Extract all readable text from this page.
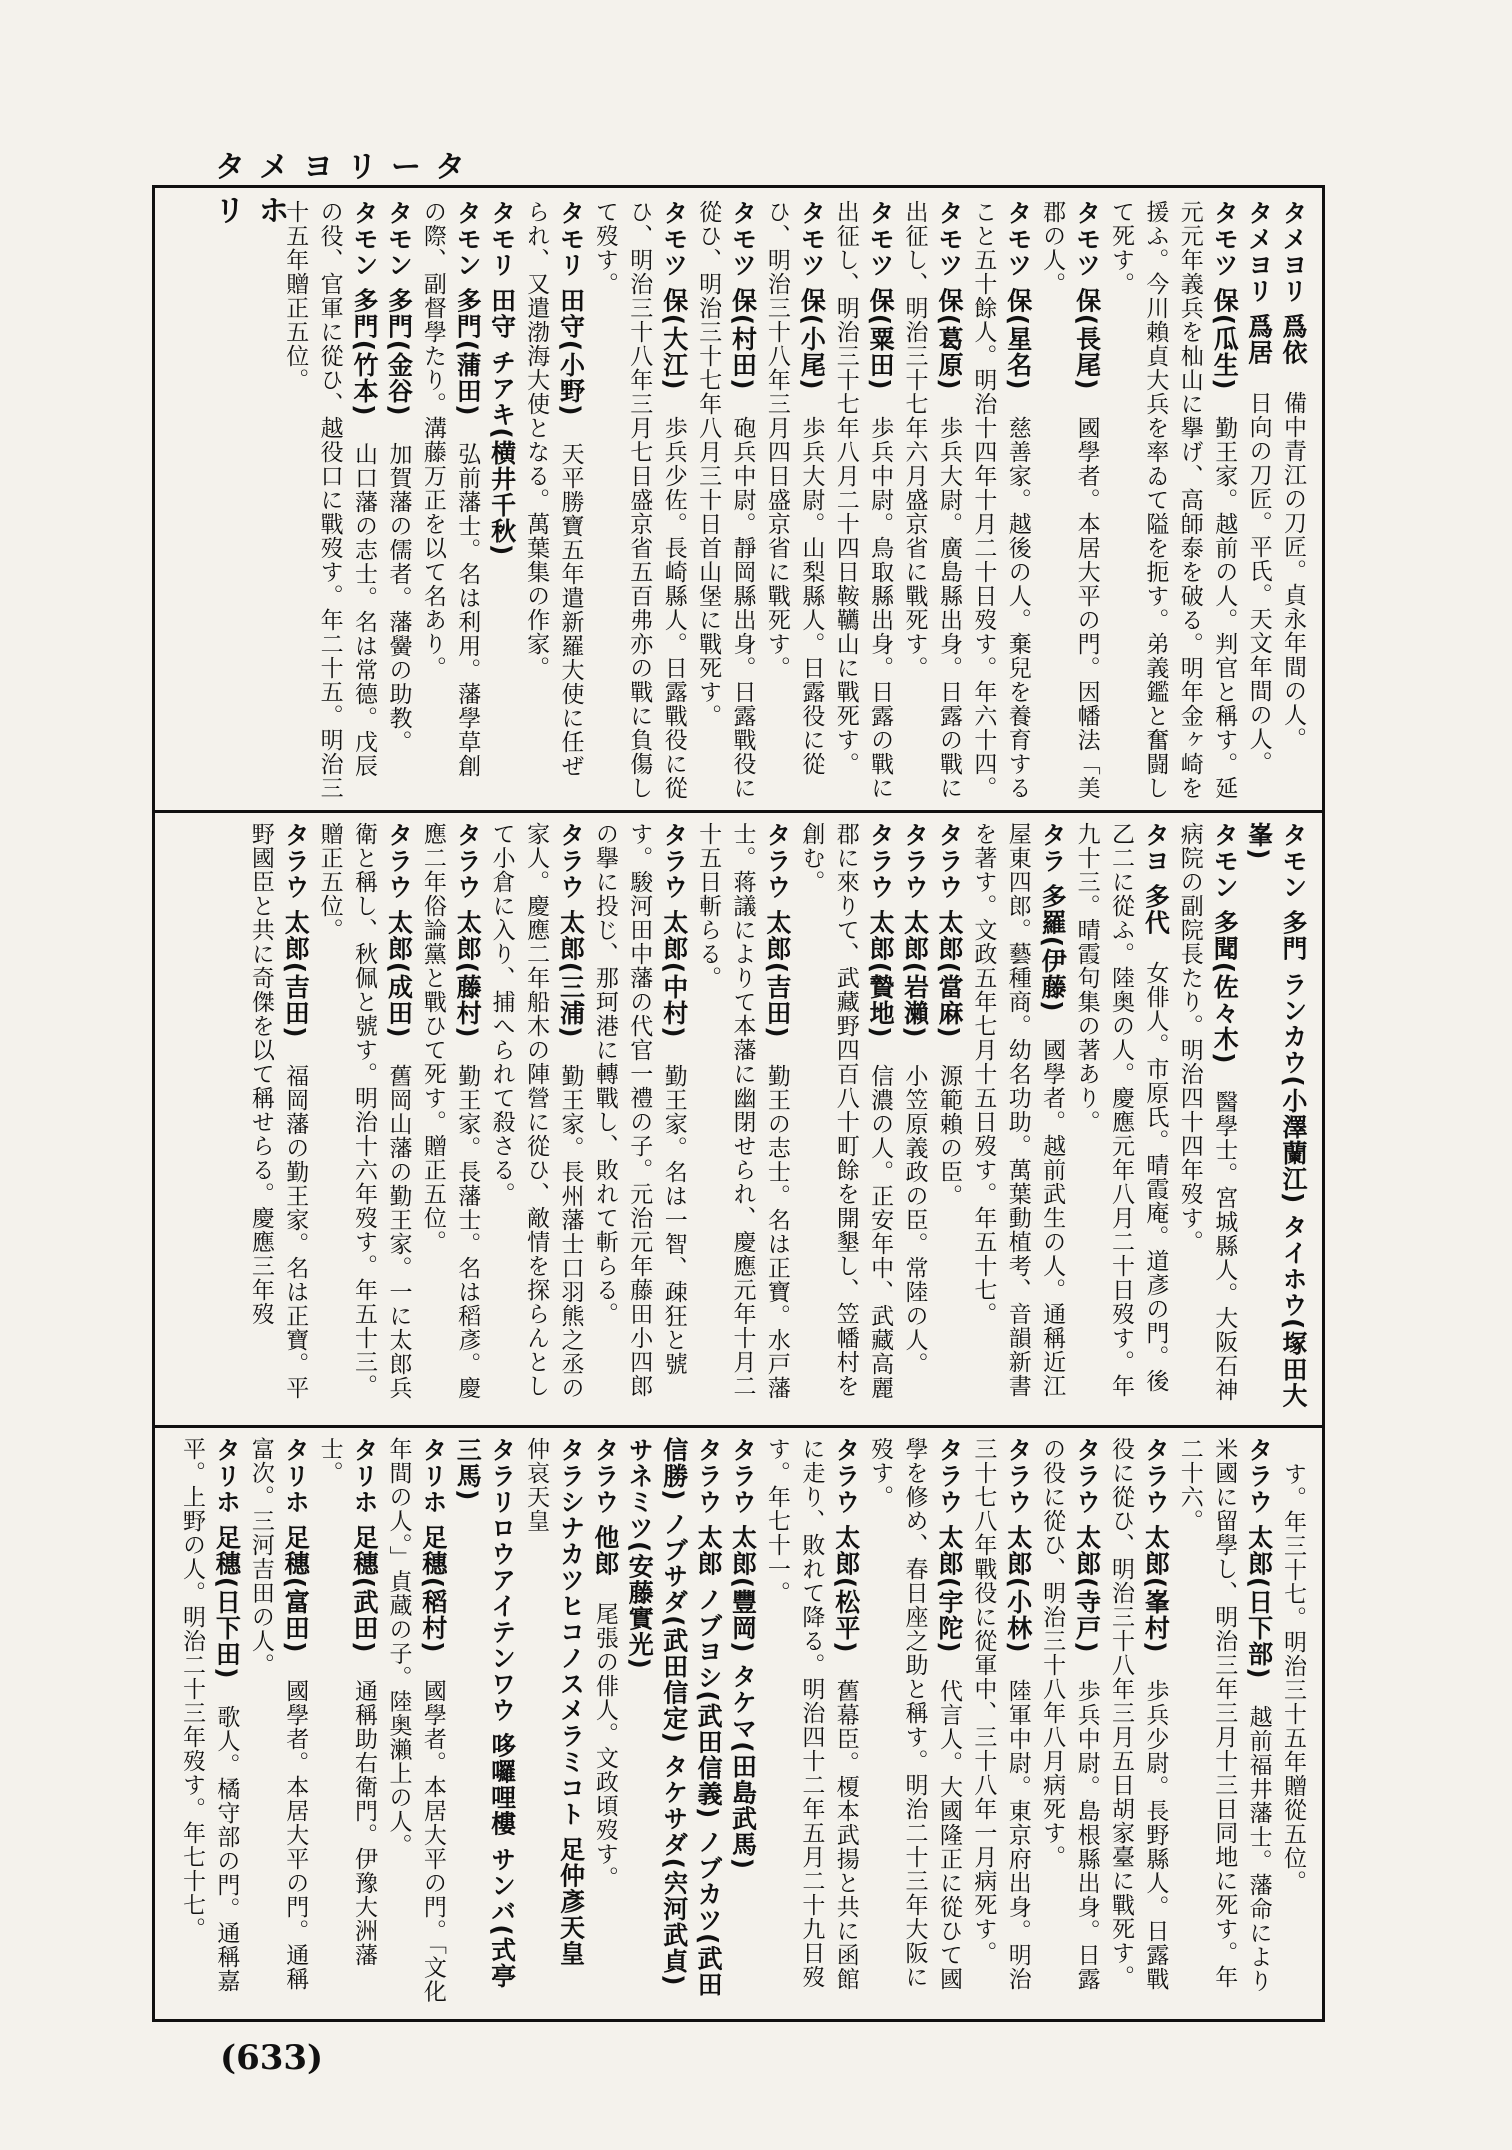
タメヨリータリホ	タメヨリ 爲依　備中青江の刀匠。貞永年間の人。

タメヨリ 爲居　日向の刀匠。平氏。天文年間の人。

タモツ 保(瓜生)　勤王家。越前の人。判官と稱す。延元元年義兵を杣山に擧げ、高師泰を破る。明年金ヶ崎を援ふ。今川賴貞大兵を率ゐて隘を扼す。弟義鑑と奮闘して死す。

タモツ 保(長尾)　國學者。本居大平の門。因幡法「美郡の人。

タモツ 保(星名)　慈善家。越後の人。棄兒を養育すること五十餘人。明治十四年十月二十日歿す。年六十四。

タモツ 保(葛原)　歩兵大尉。廣島縣出身。日露の戰に出征し、明治三十七年六月盛京省に戰死す。

タモツ 保(粟田)　歩兵中尉。鳥取縣出身。日露の戰に出征し、明治三十七年八月二十四日鞍韉山に戰死す。

タモツ 保(小尾)　歩兵大尉。山梨縣人。日露役に從ひ、明治三十八年三月四日盛京省に戰死す。

タモツ 保(村田)　砲兵中尉。靜岡縣出身。日露戰役に從ひ、明治三十七年八月三十日首山堡に戰死す。

タモツ 保(大江)　歩兵少佐。長崎縣人。日露戰役に從ひ、明治三十八年三月七日盛京省五百弗亦の戰に負傷して歿す。

タモリ 田守(小野)　天平勝寶五年遣新羅大使に任ぜられ、又遣渤海大使となる。萬葉集の作家。

タモリ 田守 チアキ(横井千秋)　

タモン 多門(蒲田)　弘前藩士。名は利用。藩學草創の際、副督學たり。溝藤万正を以て名あり。

タモン 多門(金谷)　加賀藩の儒者。藩黌の助教。

タモン 多門(竹本)　山口藩の志士。名は常德。戊辰の役、官軍に從ひ、越役口に戰歿す。年二十五。明治三十五年贈正五位。

タモン 多門 ランカウ(小澤蘭江) タイホウ(塚田大峯)　

タモン 多聞(佐々木)　醫學士。宮城縣人。大阪石神病院の副院長たり。明治四十四年歿す。

タヨ 多代　女俳人。市原氏。晴霞庵。道彥の門。後乙二に從ふ。陸奥の人。慶應元年八月二十日歿す。年九十三。晴霞句集の著あり。

タラ 多羅(伊藤)　國學者。越前武生の人。通稱近江屋東四郎。藝種商。幼名功助。萬葉動植考、音韻新書を著す。文政五年七月十五日歿す。年五十七。

タラウ 太郎(當麻)　源範賴の臣。

タラウ 太郎(岩瀨)　小笠原義政の臣。常陸の人。

タラウ 太郎(贄地)　信濃の人。正安年中、武藏高麗郡に來りて、武藏野四百八十町餘を開墾し、笠幡村を創む。

タラウ 太郎(吉田)　勤王の志士。名は正寶。水戸藩士。蒋議によりて本藩に幽閉せられ、慶應元年十月二十五日斬らる。

タラウ 太郎(中村)　勤王家。名は一智、疎狂と號す。駿河田中藩の代官一禮の子。元治元年藤田小四郎の擧に投じ、那珂港に轉戰し、敗れて斬らる。

タラウ 太郎(三浦)　勤王家。長州藩士口羽熊之丞の家人。慶應二年船木の陣營に從ひ、敵情を探らんとして小倉に入り、捕へられて殺さる。

タラウ 太郎(藤村)　勤王家。長藩士。名は稻彥。慶應二年俗論黨と戰ひて死す。贈正五位。

タラウ 太郎(成田)　舊岡山藩の勤王家。一に太郎兵衛と稱し、秋佩と號す。明治十六年歿す。年五十三。贈正五位。

タラウ 太郎(吉田)　福岡藩の勤王家。名は正寶。平野國臣と共に奇傑を以て稱せらる。慶應三年歿

　す。年三十七。明治三十五年贈從五位。

タラウ 太郎(日下部)　越前福井藩士。藩命により米國に留學し、明治三年三月十三日同地に死す。年二十六。

タラウ 太郎(峯村)　歩兵少尉。長野縣人。日露戰役に從ひ、明治三十八年三月五日胡家臺に戰死す。

タラウ 太郎(寺戸)　歩兵中尉。島根縣出身。日露の役に從ひ、明治三十八年八月病死す。

タラウ 太郎(小林)　陸軍中尉。東京府出身。明治三十七八年戰役に從軍中、三十八年一月病死す。

タラウ 太郎(宇陀)　代言人。大國隆正に從ひて國學を修め、春日座之助と稱す。明治二十三年大阪に歿す。

タラウ 太郎(松平)　舊幕臣。榎本武揚と共に函館に走り、敗れて降る。明治四十二年五月二十九日歿す。年七十一。

タラウ 太郎(豐岡) タケマ(田島武馬)　

タラウ 太郎 ノブヨシ(武田信義) ノブカツ(武田信勝) ノブサダ(武田信定) タケサダ(宍河武貞) サネミツ(安藤實光)　

タラウ 他郎　尾張の俳人。文政頃歿す。

タラシナカツヒコノスメラミコト 足仲彥天皇　仲哀天皇

タラリロウアイテンワウ 哆囉哩樓 サンバ(式亭三馬)　

タリホ 足穗(稻村)　國學者。本居大平の門。「文化年間の人。」貞蔵の子。陸奥瀨上の人。

タリホ 足穗(武田)　通稱助右衛門。伊豫大洲藩士。

タリホ 足穗(富田)　國學者。本居大平の門。通稱富次。三河吉田の人。

タリホ 足穗(日下田)　歌人。橘守部の門。通稱嘉平。上野の人。明治二十三年歿す。年七十七。

(633)
